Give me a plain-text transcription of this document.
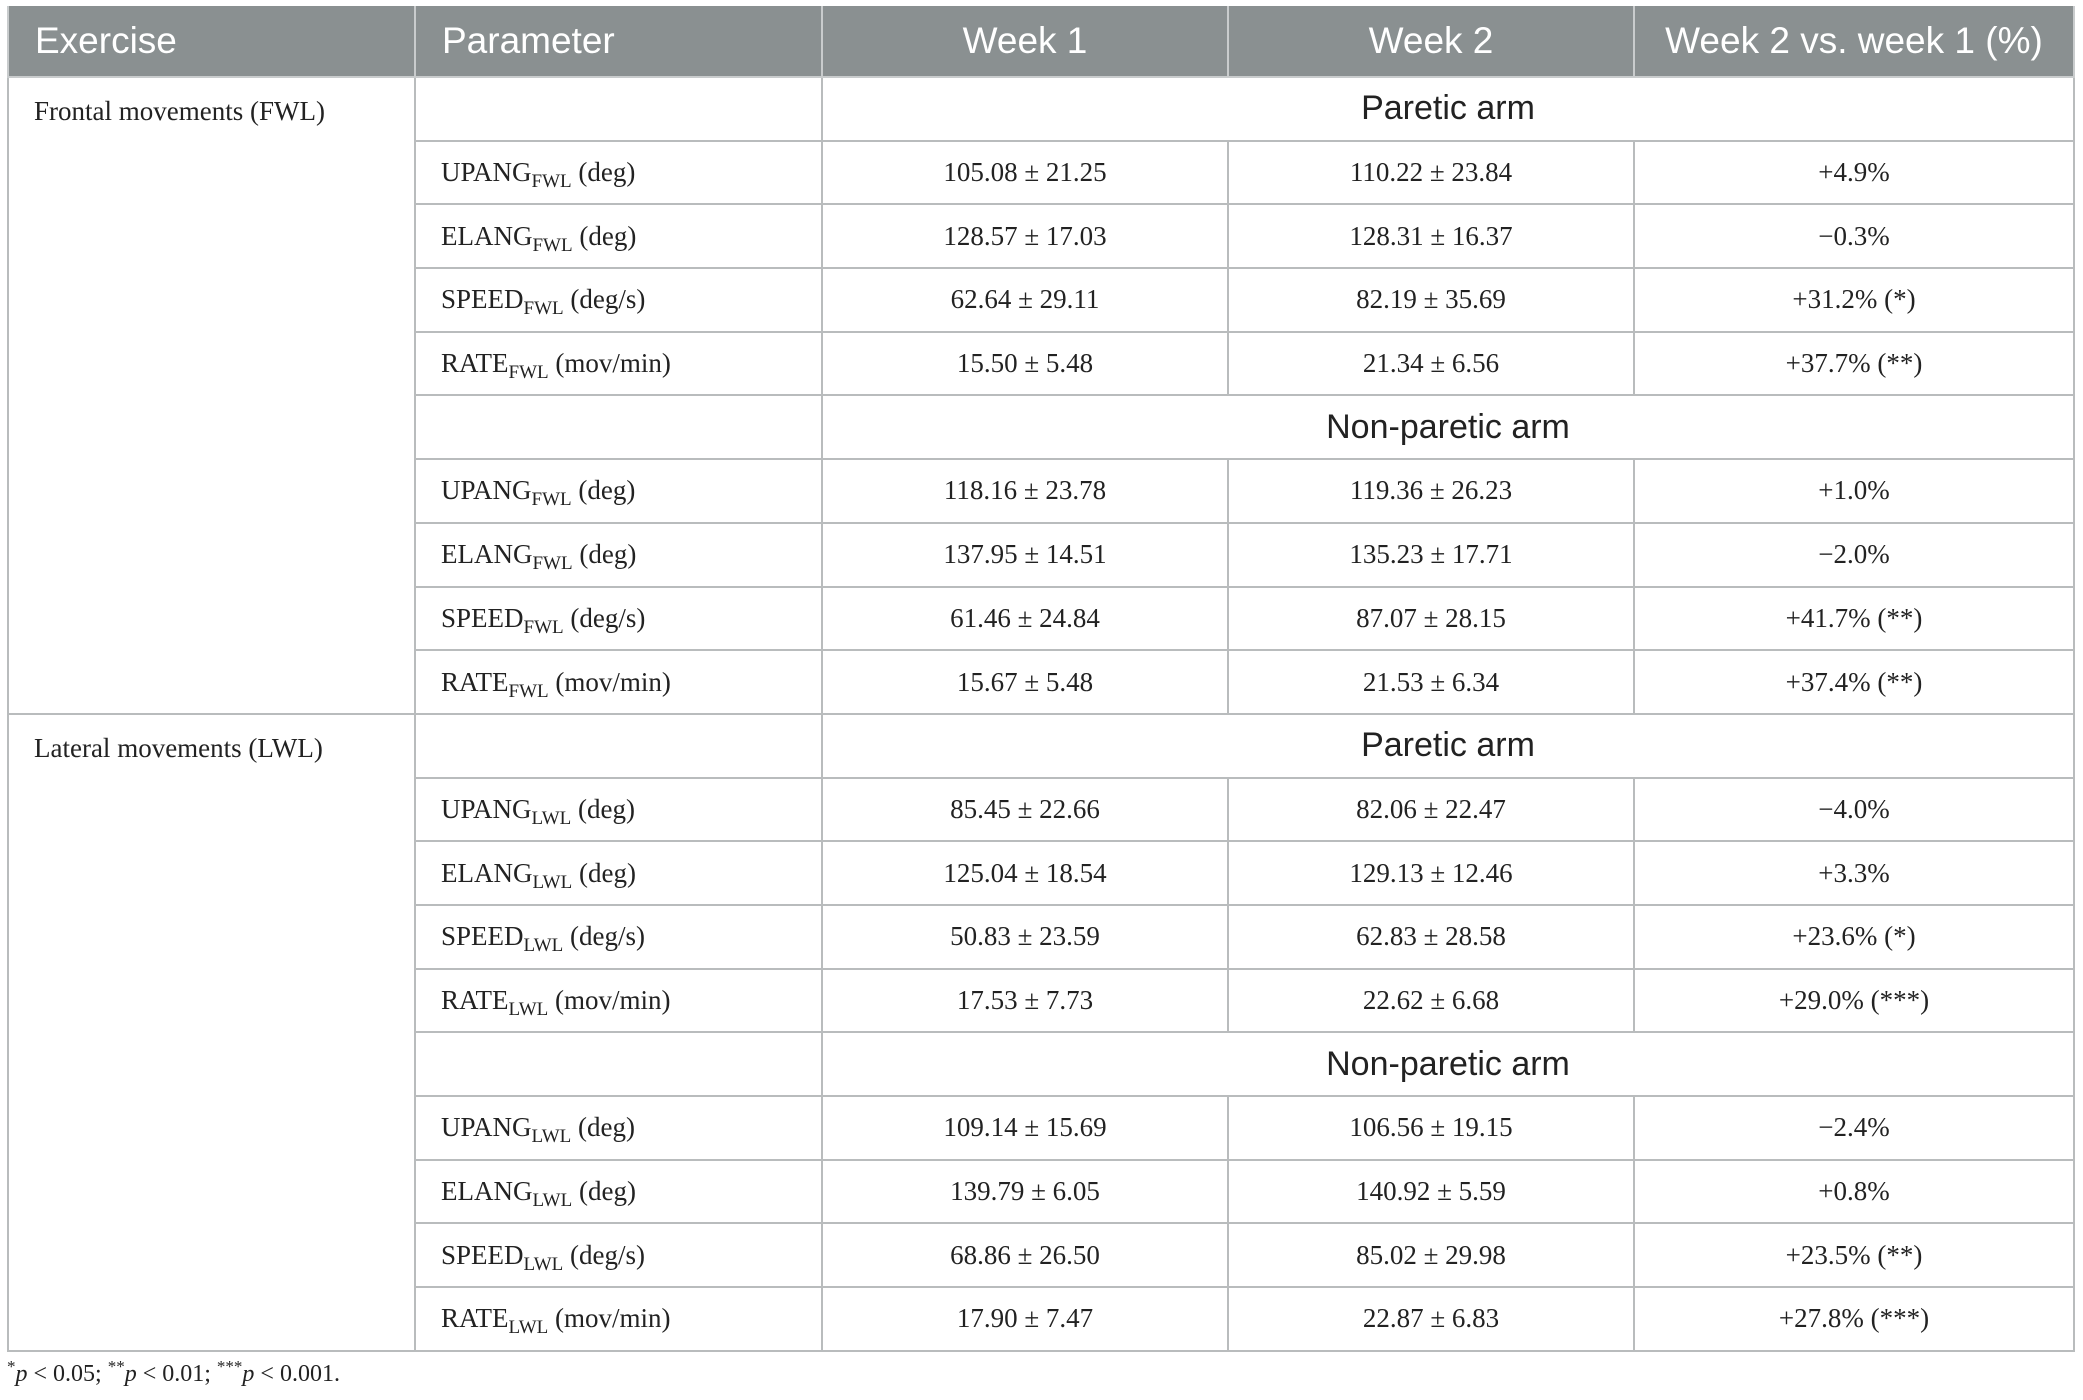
Exercise	Parameter	Week 1	Week 2	Week 2 vs. week 1 (%)
Frontal movements (FWL)		Paretic arm		
	$UPANG_{FWL}$ (deg)	105.08 ± 21.25	110.22 ± 23.84	+4.9%
	$ELANG_{FWL}$ (deg)	128.57 ± 17.03	128.31 ± 16.37	−0.3%
	$SPEED_{FWL}$ (deg/s)	62.64 ± 29.11	82.19 ± 35.69	+31.2% (*)
	$RATE_{FWL}$ (mov/min)	15.50 ± 5.48	21.34 ± 6.56	+37.7% (**)
		Non-paretic arm		
	$UPANG_{FWL}$ (deg)	118.16 ± 23.78	119.36 ± 26.23	+1.0%
	$ELANG_{FWL}$ (deg)	137.95 ± 14.51	135.23 ± 17.71	−2.0%
	$SPEED_{FWL}$ (deg/s)	61.46 ± 24.84	87.07 ± 28.15	+41.7% (**)
	$RATE_{FWL}$ (mov/min)	15.67 ± 5.48	21.53 ± 6.34	+37.4% (**)
Lateral movements (LWL)		Paretic arm		
	$UPANG_{LWL}$ (deg)	85.45 ± 22.66	82.06 ± 22.47	−4.0%
	$ELANG_{LWL}$ (deg)	125.04 ± 18.54	129.13 ± 12.46	+3.3%
	$SPEED_{LWL}$ (deg/s)	50.83 ± 23.59	62.83 ± 28.58	+23.6% (*)
	$RATE_{LWL}$ (mov/min)	17.53 ± 7.73	22.62 ± 6.68	+29.0% (***)
		Non-paretic arm		
	$UPANG_{LWL}$ (deg)	109.14 ± 15.69	106.56 ± 19.15	−2.4%
	$ELANG_{LWL}$ (deg)	139.79 ± 6.05	140.92 ± 5.59	+0.8%
	$SPEED_{LWL}$ (deg/s)	68.86 ± 26.50	85.02 ± 29.98	+23.5% (**)
	$RATE_{LWL}$ (mov/min)	17.90 ± 7.47	22.87 ± 6.83	+27.8% (***)
*p < 0.05; **p < 0.01; ***p < 0.001.
